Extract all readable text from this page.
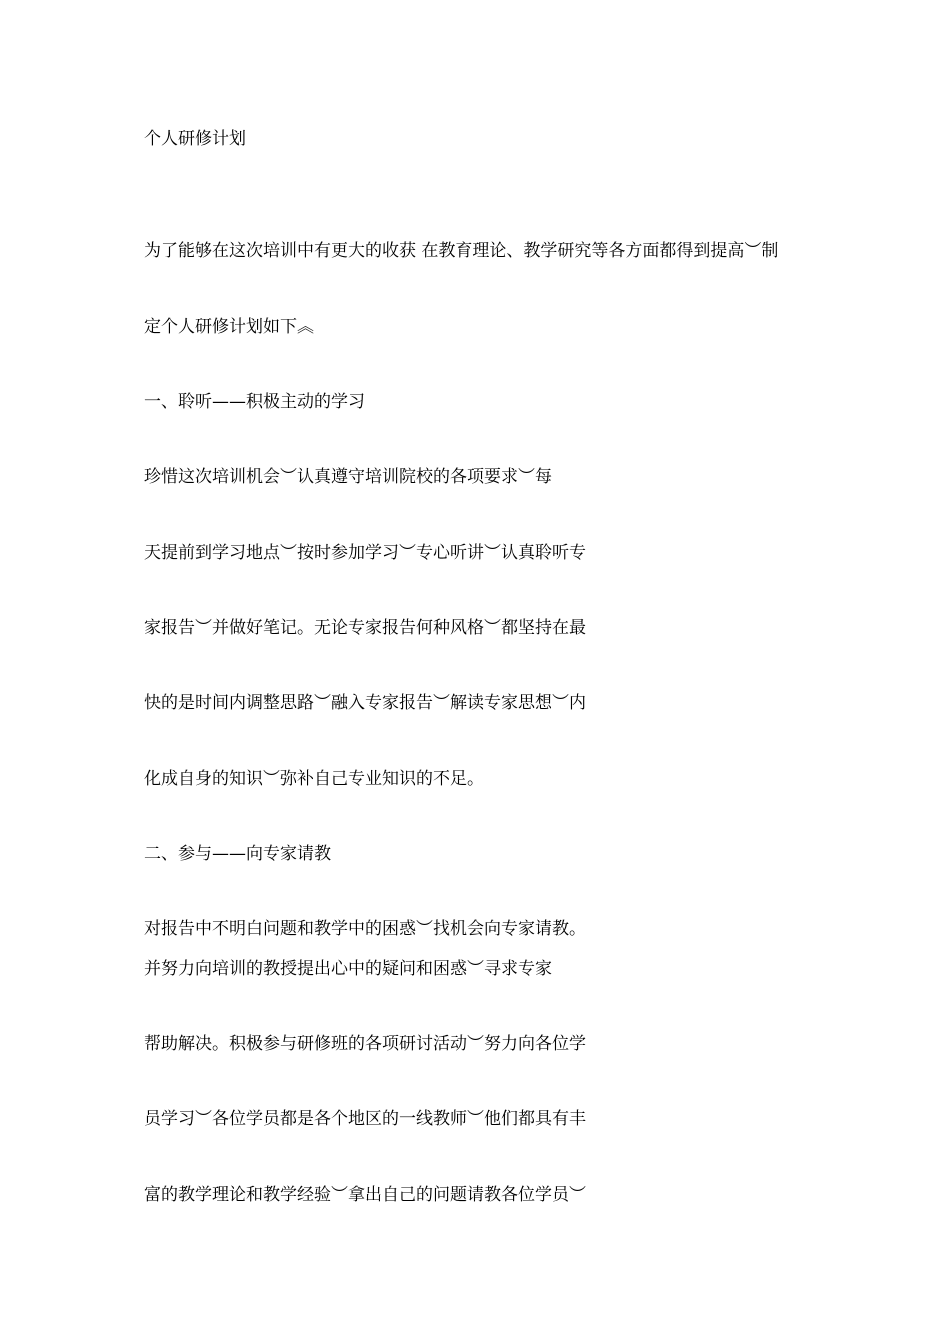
个人研修计划
为了能够在这次培训中有更大的收获 在教育理论、教学研究等各方面都得到提高︶制
定个人研修计划如下︽
一、聆听——积极主动的学习
珍惜这次培训机会︶认真遵守培训院校的各项要求︶每
天提前到学习地点︶按时参加学习︶专心听讲︶认真聆听专
家报告︶并做好笔记。无论专家报告何种风格︶都坚持在最
快的是时间内调整思路︶融入专家报告︶解读专家思想︶内
化成自身的知识︶弥补自己专业知识的不足。
二、参与——向专家请教
对报告中不明白问题和教学中的困惑︶找机会向专家请教。
并努力向培训的教授提出心中的疑问和困惑︶寻求专家
帮助解决。积极参与研修班的各项研讨活动︶努力向各位学
员学习︶各位学员都是各个地区的一线教师︶他们都具有丰
富的教学理论和教学经验︶拿出自己的问题请教各位学员︶
